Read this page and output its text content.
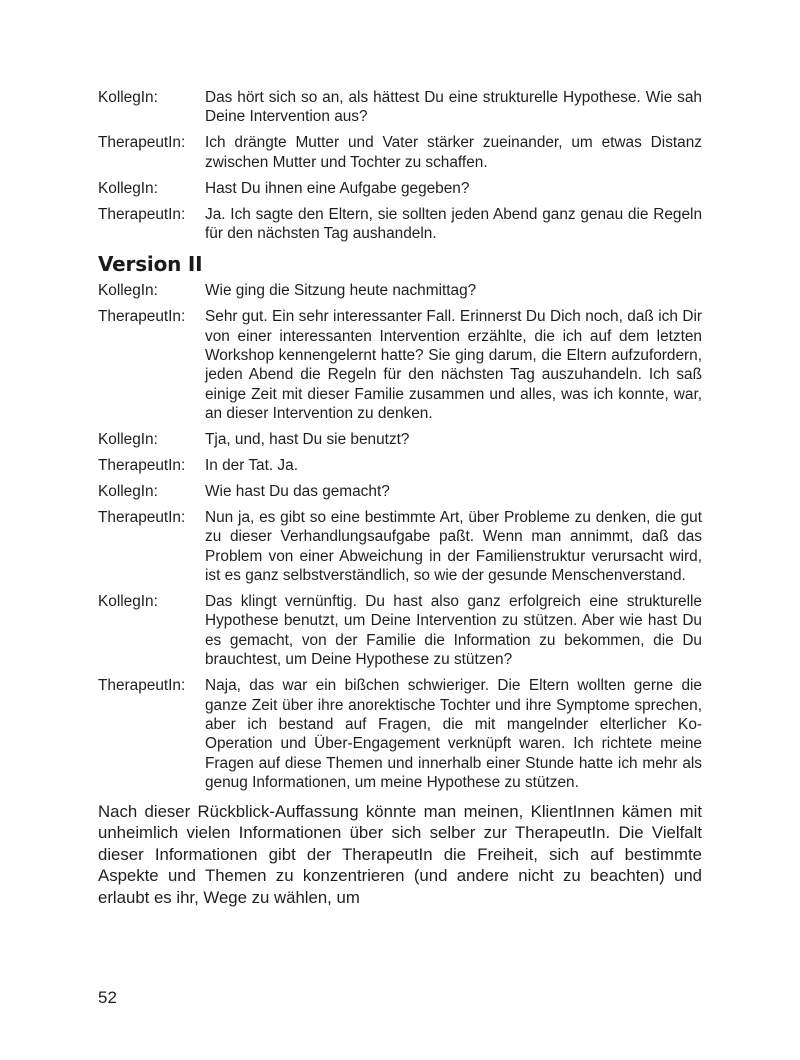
KollegIn:	Das hört sich so an, als hättest Du eine strukturelle Hypothese. Wie sah Deine Intervention aus?
TherapeutIn:	Ich drängte Mutter und Vater stärker zueinander, um etwas Distanz zwischen Mutter und Tochter zu schaffen.
KollegIn:	Hast Du ihnen eine Aufgabe gegeben?
TherapeutIn:	Ja. Ich sagte den Eltern, sie sollten jeden Abend ganz genau die Regeln für den nächsten Tag aushandeln.
Version II
KollegIn:	Wie ging die Sitzung heute nachmittag?
TherapeutIn:	Sehr gut. Ein sehr interessanter Fall. Erinnerst Du Dich noch, daß ich Dir von einer interessanten Intervention erzählte, die ich auf dem letzten Workshop kennengelernt hatte? Sie ging darum, die Eltern aufzufordern, jeden Abend die Regeln für den nächsten Tag auszuhandeln. Ich saß einige Zeit mit dieser Familie zusammen und alles, was ich konnte, war, an dieser Intervention zu denken.
KollegIn:	Tja, und, hast Du sie benutzt?
TherapeutIn:	In der Tat. Ja.
KollegIn:	Wie hast Du das gemacht?
TherapeutIn:	Nun ja, es gibt so eine bestimmte Art, über Probleme zu denken, die gut zu dieser Verhandlungsaufgabe paßt. Wenn man annimmt, daß das Problem von einer Abweichung in der Familienstruktur verursacht wird, ist es ganz selbstverständlich, so wie der gesunde Menschenverstand.
KollegIn:	Das klingt vernünftig. Du hast also ganz erfolgreich eine strukturelle Hypothese benutzt, um Deine Intervention zu stützen. Aber wie hast Du es gemacht, von der Familie die Information zu bekommen, die Du brauchtest, um Deine Hypothese zu stützen?
TherapeutIn:	Naja, das war ein bißchen schwieriger. Die Eltern wollten gerne die ganze Zeit über ihre anorektische Tochter und ihre Symptome sprechen, aber ich bestand auf Fragen, die mit mangelnder elterlicher Ko-Operation und Über-Engagement verknüpft waren. Ich richtete meine Fragen auf diese Themen und innerhalb einer Stunde hatte ich mehr als genug Informationen, um meine Hypothese zu stützen.

Nach dieser Rückblick-Auffassung könnte man meinen, KlientInnen kämen mit unheimlich vielen Informationen über sich selber zur TherapeutIn. Die Vielfalt dieser Informationen gibt der TherapeutIn die Freiheit, sich auf bestimmte Aspekte und Themen zu konzentrieren (und andere nicht zu beachten) und erlaubt es ihr, Wege zu wählen, um

52
